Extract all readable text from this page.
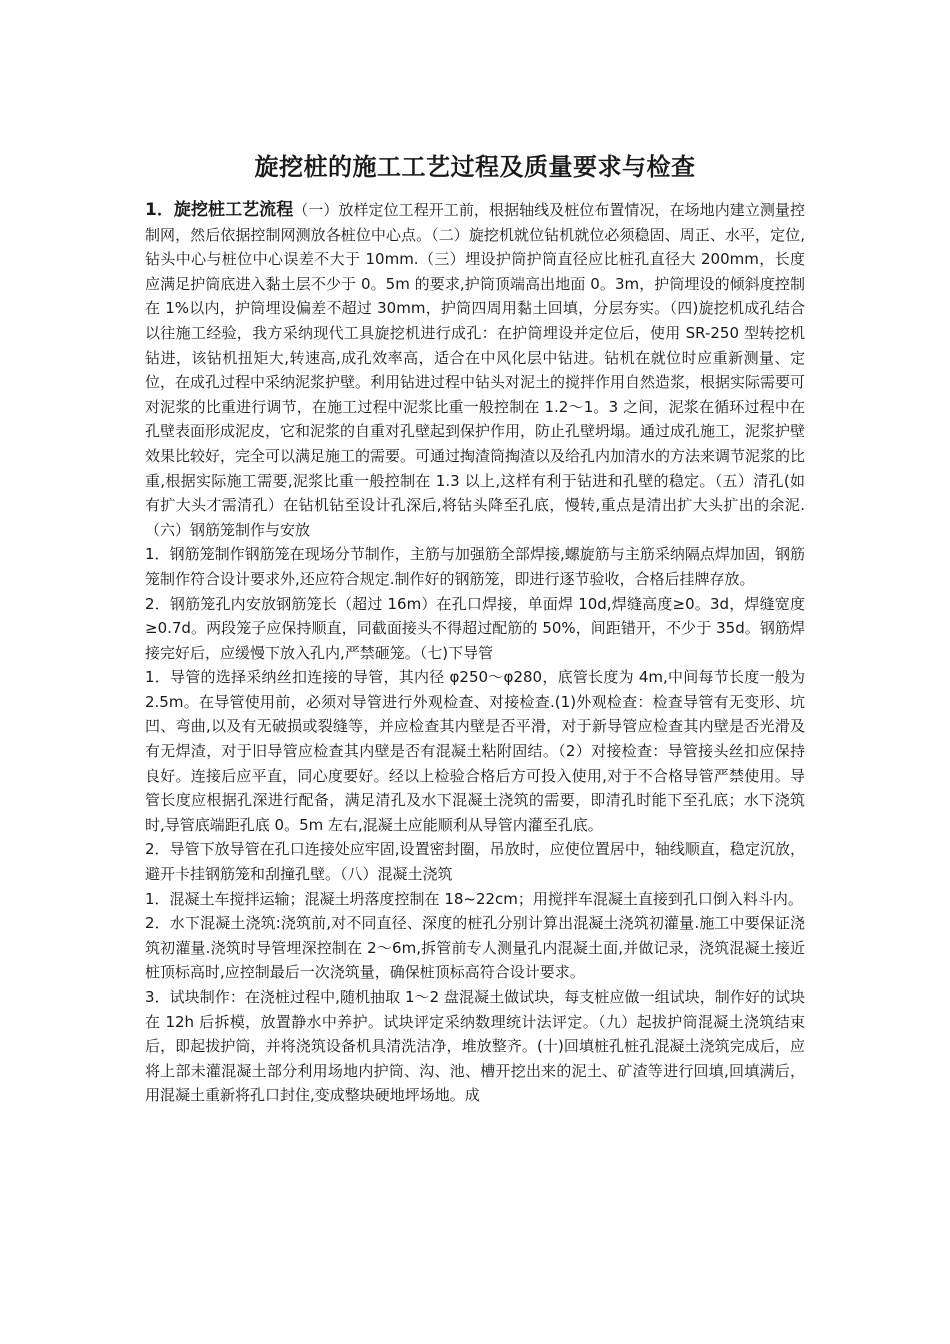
旋挖桩的施工工艺过程及质量要求与检查

1．旋挖桩工艺流程（一）放样定位工程开工前，根据轴线及桩位布置情况，在场地内建立测量控制网，然后依据控制网测放各桩位中心点。（二）旋挖机就位钻机就位必须稳固、周正、水平，定位,钻头中心与桩位中心误差不大于 10mm.（三）埋设护筒护筒直径应比桩孔直径大 200mm，长度应满足护筒底进入黏土层不少于 0。5m 的要求,护筒顶端高出地面 0。3m，护筒埋设的倾斜度控制在 1%以内，护筒埋设偏差不超过 30mm，护筒四周用黏土回填，分层夯实。（四)旋挖机成孔结合以往施工经验，我方采纳现代工具旋挖机进行成孔：在护筒埋设并定位后，使用 SR-250 型转挖机钻进，该钻机扭矩大,转速高,成孔效率高，适合在中风化层中钻进。钻机在就位时应重新测量、定位，在成孔过程中采纳泥浆护壁。利用钻进过程中钻头对泥土的搅拌作用自然造浆，根据实际需要可对泥浆的比重进行调节，在施工过程中泥浆比重一般控制在 1.2～1。3 之间，泥浆在循环过程中在孔壁表面形成泥皮，它和泥浆的自重对孔壁起到保护作用，防止孔壁坍塌。通过成孔施工，泥浆护壁效果比较好，完全可以满足施工的需要。可通过掏渣筒掏渣以及给孔内加清水的方法来调节泥浆的比重,根据实际施工需要,泥浆比重一般控制在 1.3 以上,这样有利于钻进和孔壁的稳定。（五）清孔(如有扩大头才需清孔）在钻机钻至设计孔深后,将钻头降至孔底，慢转,重点是清出扩大头扩出的余泥.（六）钢筋笼制作与安放

1．钢筋笼制作钢筋笼在现场分节制作，主筋与加强筋全部焊接,螺旋筋与主筋采纳隔点焊加固，钢筋笼制作符合设计要求外,还应符合规定.制作好的钢筋笼，即进行逐节验收，合格后挂牌存放。

2．钢筋笼孔内安放钢筋笼长（超过 16m）在孔口焊接，单面焊 10d,焊缝高度≥0。3d，焊缝宽度≥0.7d。两段笼子应保持顺直，同截面接头不得超过配筋的 50%，间距错开，不少于 35d。钢筋焊接完好后，应缓慢下放入孔内,严禁砸笼。（七)下导管

1．导管的选择采纳丝扣连接的导管，其内径 φ250～φ280，底管长度为 4m,中间每节长度一般为 2.5m。在导管使用前，必须对导管进行外观检查、对接检查.(1)外观检查：检查导管有无变形、坑凹、弯曲,以及有无破损或裂缝等，并应检查其内壁是否平滑，对于新导管应检查其内壁是否光滑及有无焊渣，对于旧导管应检查其内壁是否有混凝土粘附固结。（2）对接检查：导管接头丝扣应保持良好。连接后应平直，同心度要好。经以上检验合格后方可投入使用,对于不合格导管严禁使用。导管长度应根据孔深进行配备，满足清孔及水下混凝土浇筑的需要，即清孔时能下至孔底；水下浇筑时,导管底端距孔底 0。5m 左右,混凝土应能顺利从导管内灌至孔底。

2．导管下放导管在孔口连接处应牢固,设置密封圈，吊放时，应使位置居中，轴线顺直，稳定沉放，避开卡挂钢筋笼和刮撞孔壁。（八）混凝土浇筑

1．混凝土车搅拌运输；混凝土坍落度控制在 18~22cm；用搅拌车混凝土直接到孔口倒入料斗内。

2．水下混凝土浇筑:浇筑前,对不同直径、深度的桩孔分别计算出混凝土浇筑初灌量.施工中要保证浇筑初灌量.浇筑时导管埋深控制在 2～6m,拆管前专人测量孔内混凝土面,并做记录，浇筑混凝土接近桩顶标高时,应控制最后一次浇筑量，确保桩顶标高符合设计要求。

3．试块制作：在浇桩过程中,随机抽取 1～2 盘混凝土做试块，每支桩应做一组试块，制作好的试块在 12h 后拆模，放置静水中养护。试块评定采纳数理统计法评定。（九）起拔护筒混凝土浇筑结束后，即起拔护筒，并将浇筑设备机具清洗洁净，堆放整齐。(十)回填桩孔桩孔混凝土浇筑完成后，应将上部未灌混凝土部分利用场地内护筒、沟、池、槽开挖出来的泥土、矿渣等进行回填,回填满后，用混凝土重新将孔口封住,变成整块硬地坪场地。成
